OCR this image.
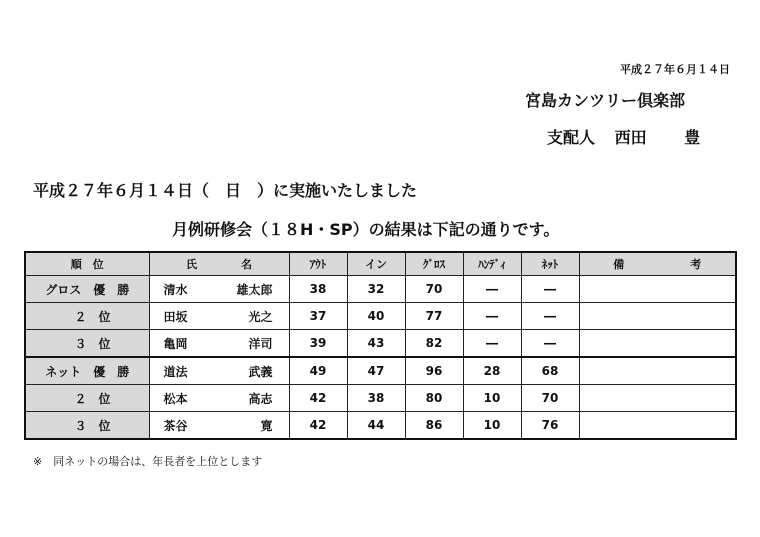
平成２７年６月１４日
宮島カンツリー倶楽部
支配人 西田 豊
平成２７年６月１４日（　日　）に実施いたしました
月例研修会（１８H・SP）の結果は下記の通りです。
順　位	氏　　　　名	ｱｳﾄ	イン	ｸﾞﾛｽ	ﾊﾝﾃﾞｨ	ﾈｯﾄ	備　　　　　　考
グロス　優　勝	清水 雄太郎	38	32	70	―	―	
２　位	田坂 光之	37	40	77	―	―	
３　位	亀岡 洋司	39	43	82	―	―	
ネット　優　勝	道法 武義	49	47	96	28	68	
２　位	松本 高志	42	38	80	10	70	
３　位	茶谷 寛	42	44	86	10	76	
※　同ネットの場合は、年長者を上位とします
